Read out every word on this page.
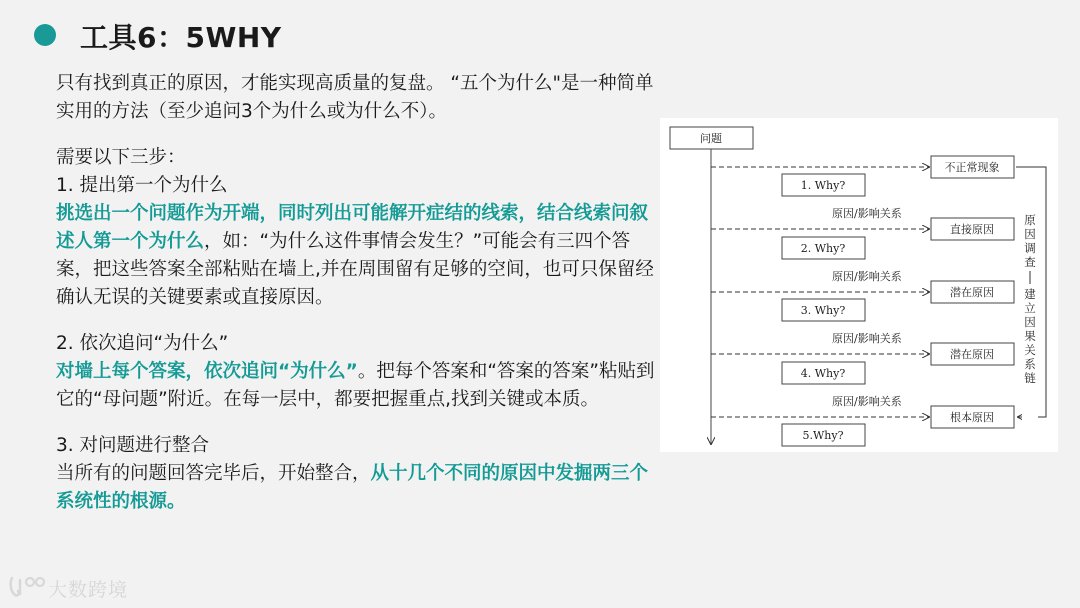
工具6：5WHY

只有找到真正的原因，才能实现高质量的复盘。 “五个为什么"是一种简单实用的方法（至少追问3个为什么或为什么不）。

需要以下三步：

1. 提出第一个为什么

挑选出一个问题作为开端，同时列出可能解开症结的线索，结合线索问叙述人第一个为什么，如：“为什么这件事情会发生？”可能会有三四个答案，把这些答案全部粘贴在墙上,并在周围留有足够的空间，也可只保留经确认无误的关键要素或直接原因。

2. 依次追问“为什么”

对墙上每个答案，依次追问“为什么”。把每个答案和“答案的答案”粘贴到它的“母问题”附近。在每一层中，都要把握重点,找到关键或本质。

3. 对问题进行整合

当所有的问题回答完毕后，开始整合，从十几个不同的原因中发掘两三个系统性的根源。

问题
不正常现象
直接原因
潜在原因
潜在原因
根本原因
1. Why?
2. Why?
3. Why?
4. Why?
5.Why?
原因/影响关系
原因/影响关系
原因/影响关系
原因/影响关系
原
因
调
查
建
立
因
果
关
系
链
大数跨境
